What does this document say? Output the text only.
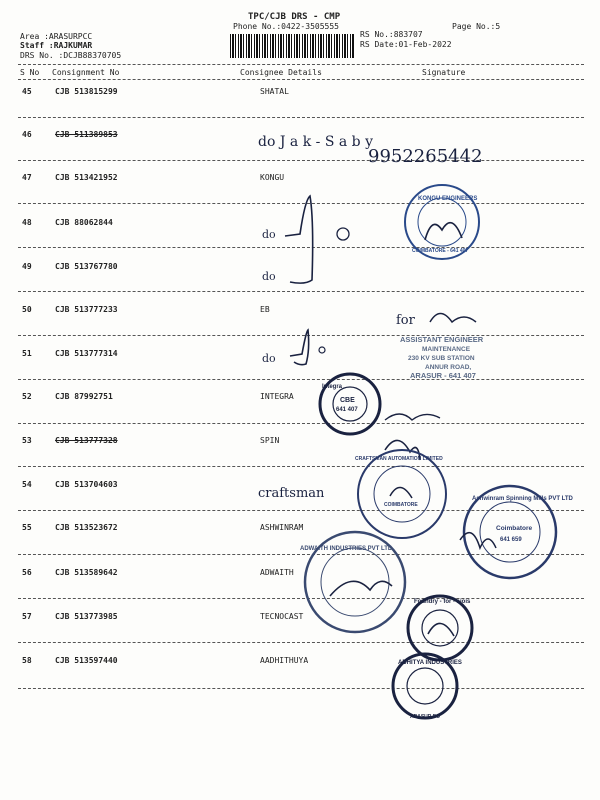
TPC/CJB DRS - CMP
Phone No.:0422-3505555	Page No.:5
Area :ARASURPCC
Staff :RAJKUMAR
DRS No. :DCJB88370705
RS No.:883707
RS Date:01-Feb-2022
S No Consignment No	Consignee Details	Signature
45	CJB 513815299	SHATAL
46	CJB 511389853
47	CJB 513421952	KONGU
48	CJB 88062844
49	CJB 513767780
50	CJB 513777233	EB
51	CJB 513777314
52	CJB 87992751	INTEGRA
53	CJB 513777328	SPIN
54	CJB 513704603
55	CJB 513523672	ASHWINRAM
56	CJB 513589642	ADWAITH
57	CJB 513773985	TECNOCAST
58	CJB 513597440	AADHITHUYA
do J a k - S a b y
9952265442
do
do
do
KONGU ENGINEERS
COIMBATORE - 641 407
for
ASSISTANT ENGINEER
MAINTENANCE
230 KV SUB STATION
ANNUR ROAD,
ARASUR - 641 407
CBE
641 407
Integra
craftsman
CRAFTSMAN AUTOMATION LIMITED
COIMBATORE
Ashwinram Spinning Mills PVT LTD
Coimbatore
641 659
ADWAITH INDUSTRIES PVT LTD
Foundry - for - aiois
ADHITYA INDUSTRIES
ARASUR PO
